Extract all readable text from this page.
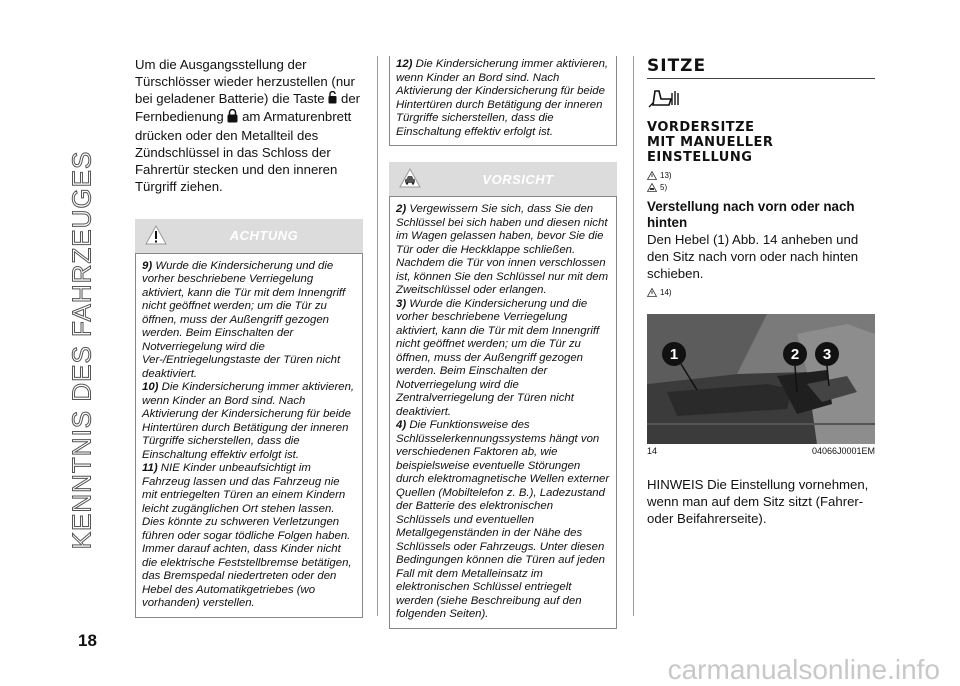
KENNTNIS DES FAHRZEUGES
18

Um die Ausgangsstellung der Türschlösser wieder herzustellen (nur bei geladener Batterie) die Taste der Fernbedienung am Armaturenbrett drücken oder den Metallteil des Zündschlüssel in das Schloss der Fahrertür stecken und den inneren Türgriff ziehen.

ACHTUNG

9) Wurde die Kindersicherung und die vorher beschriebene Verriegelung aktiviert, kann die Tür mit dem Innengriff nicht geöffnet werden; um die Tür zu öffnen, muss der Außengriff gezogen werden. Beim Einschalten der Notverriegelung wird die Ver-/Entriegelungstaste der Türen nicht deaktiviert.

10) Die Kindersicherung immer aktivieren, wenn Kinder an Bord sind. Nach Aktivierung der Kindersicherung für beide Hintertüren durch Betätigung der inneren Türgriffe sicherstellen, dass die Einschaltung effektiv erfolgt ist.

11) NIE Kinder unbeaufsichtigt im Fahrzeug lassen und das Fahrzeug nie mit entriegelten Türen an einem Kindern leicht zugänglichen Ort stehen lassen. Dies könnte zu schweren Verletzungen führen oder sogar tödliche Folgen haben. Immer darauf achten, dass Kinder nicht die elektrische Feststellbremse betätigen, das Bremspedal niedertreten oder den Hebel des Automatikgetriebes (wo vorhanden) verstellen.

12) Die Kindersicherung immer aktivieren, wenn Kinder an Bord sind. Nach Aktivierung der Kindersicherung für beide Hintertüren durch Betätigung der inneren Türgriffe sicherstellen, dass die Einschaltung effektiv erfolgt ist.

VORSICHT

2) Vergewissern Sie sich, dass Sie den Schlüssel bei sich haben und diesen nicht im Wagen gelassen haben, bevor Sie die Tür oder die Heckklappe schließen. Nachdem die Tür von innen verschlossen ist, können Sie den Schlüssel nur mit dem Zweitschlüssel oder erlangen.

3) Wurde die Kindersicherung und die vorher beschriebene Verriegelung aktiviert, kann die Tür mit dem Innengriff nicht geöffnet werden; um die Tür zu öffnen, muss der Außengriff gezogen werden. Beim Einschalten der Notverriegelung wird die Zentralverriegelung der Türen nicht deaktiviert.

4) Die Funktionsweise des Schlüsselerkennungssystems hängt von verschiedenen Faktoren ab, wie beispielsweise eventuelle Störungen durch elektromagnetische Wellen externer Quellen (Mobiltelefon z. B.), Ladezustand der Batterie des elektronischen Schlüssels und eventuellen Metallgegenständen in der Nähe des Schlüssels oder Fahrzeugs. Unter diesen Bedingungen können die Türen auf jeden Fall mit dem Metalleinsatz im elektronischen Schlüssel entriegelt werden (siehe Beschreibung auf den folgenden Seiten).

SITZE

VORDERSITZE
MIT MANUELLER
EINSTELLUNG

13)
5)

Verstellung nach vorn oder nach
hinten

Den Hebel (1) Abb. 14 anheben und den Sitz nach vorn oder nach hinten schieben.

14)
1	2 3
14	04066J0001EM

HINWEIS Die Einstellung vornehmen, wenn man auf dem Sitz sitzt (Fahrer- oder Beifahrerseite).

carmanualsonline.info
